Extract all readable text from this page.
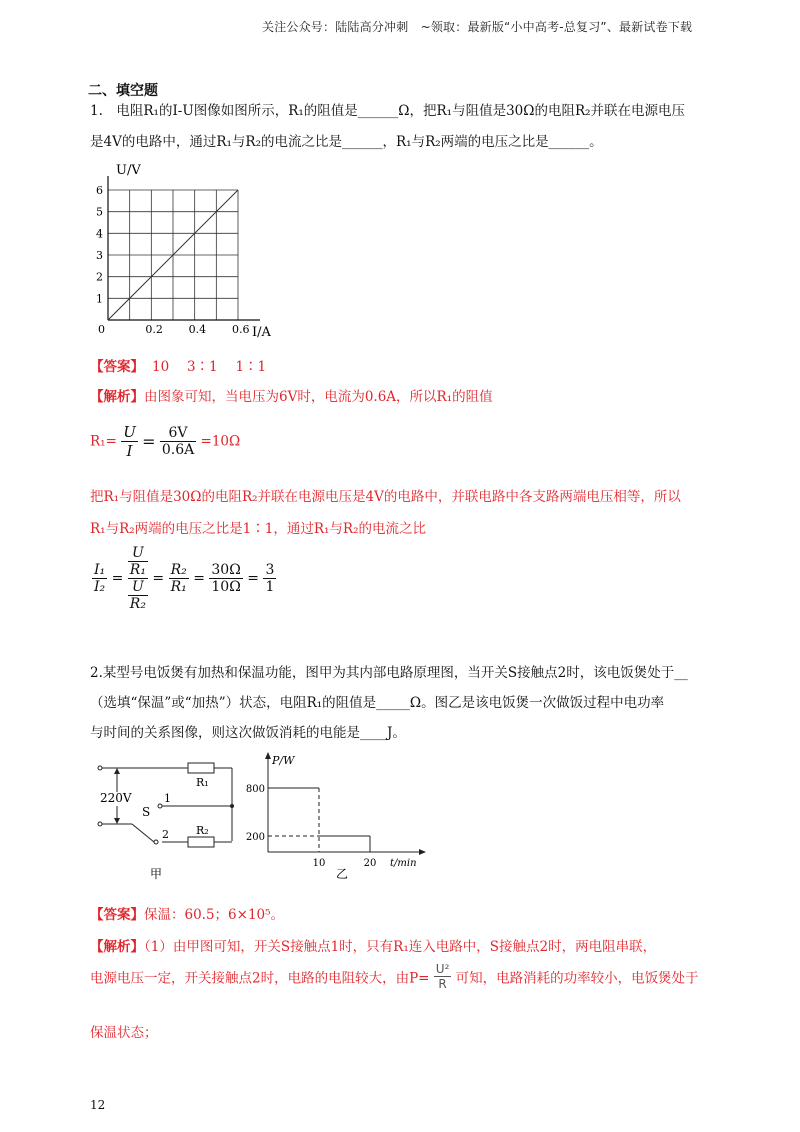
关注公众号：陆陆高分冲刺　~领取：最新版“小中高考-总复习”、最新试卷下载
二、填空题
1.　电阻R₁的I-U图像如图所示，R₁的阻值是______Ω，把R₁与阻值是30Ω的电阻R₂并联在电源电压
是4V的电路中，通过R₁与R₂的电流之比是______，R₁与R₂两端的电压之比是______。
U/V
I/A
1
2
3
4
5
6
0	0.2 0.4 0.6
【答案】 10　 3∶1　 1∶1
【解析】由图象可知，当电压为6V时，电流为0.6A，所以R₁的阻值
$R_1= \frac{U}{I} = \frac{6V}{0.6A} =10\Omega$
把R₁与阻值是30Ω的电阻R₂并联在电源电压是4V的电路中，并联电路中各支路两端电压相等，所以
R₁与R₂两端的电压之比是1∶1，通过R₁与R₂的电流之比
$\frac{\text{I₁}}{\text{I₂}} = \frac{\frac{U}{\text{R₁}}}{\frac{U}{\text{R₂}}} = \frac{\text{R₂}}{\text{R₁}} = \frac{30\Omega}{10\Omega} = \frac{3}{1}$
2.某型号电饭煲有加热和保温功能，图甲为其内部电路原理图，当开关S接触点2时，该电饭煲处于__
（选填“保温”或“加热”）状态，电阻R₁的阻值是_____Ω。图乙是该电饭煲一次做饭过程中电功率
与时间的关系图像，则这次做饭消耗的电能是____J。
220V
S
1
2
R₁
R₂
甲
P/W
800
200
10	20 t/min
乙
【答案】保温：60.5；6×10⁵。
【解析】（1）由甲图可知，开关S接触点1时，只有R₁连入电路中，S接触点2时，两电阻串联，
电源电压一定，开关接触点2时，电路的电阻较大，由$P= \frac{\text{U²}}{R}$ 可知，电路消耗的功率较小，电饭煲处于
保温状态；
12
